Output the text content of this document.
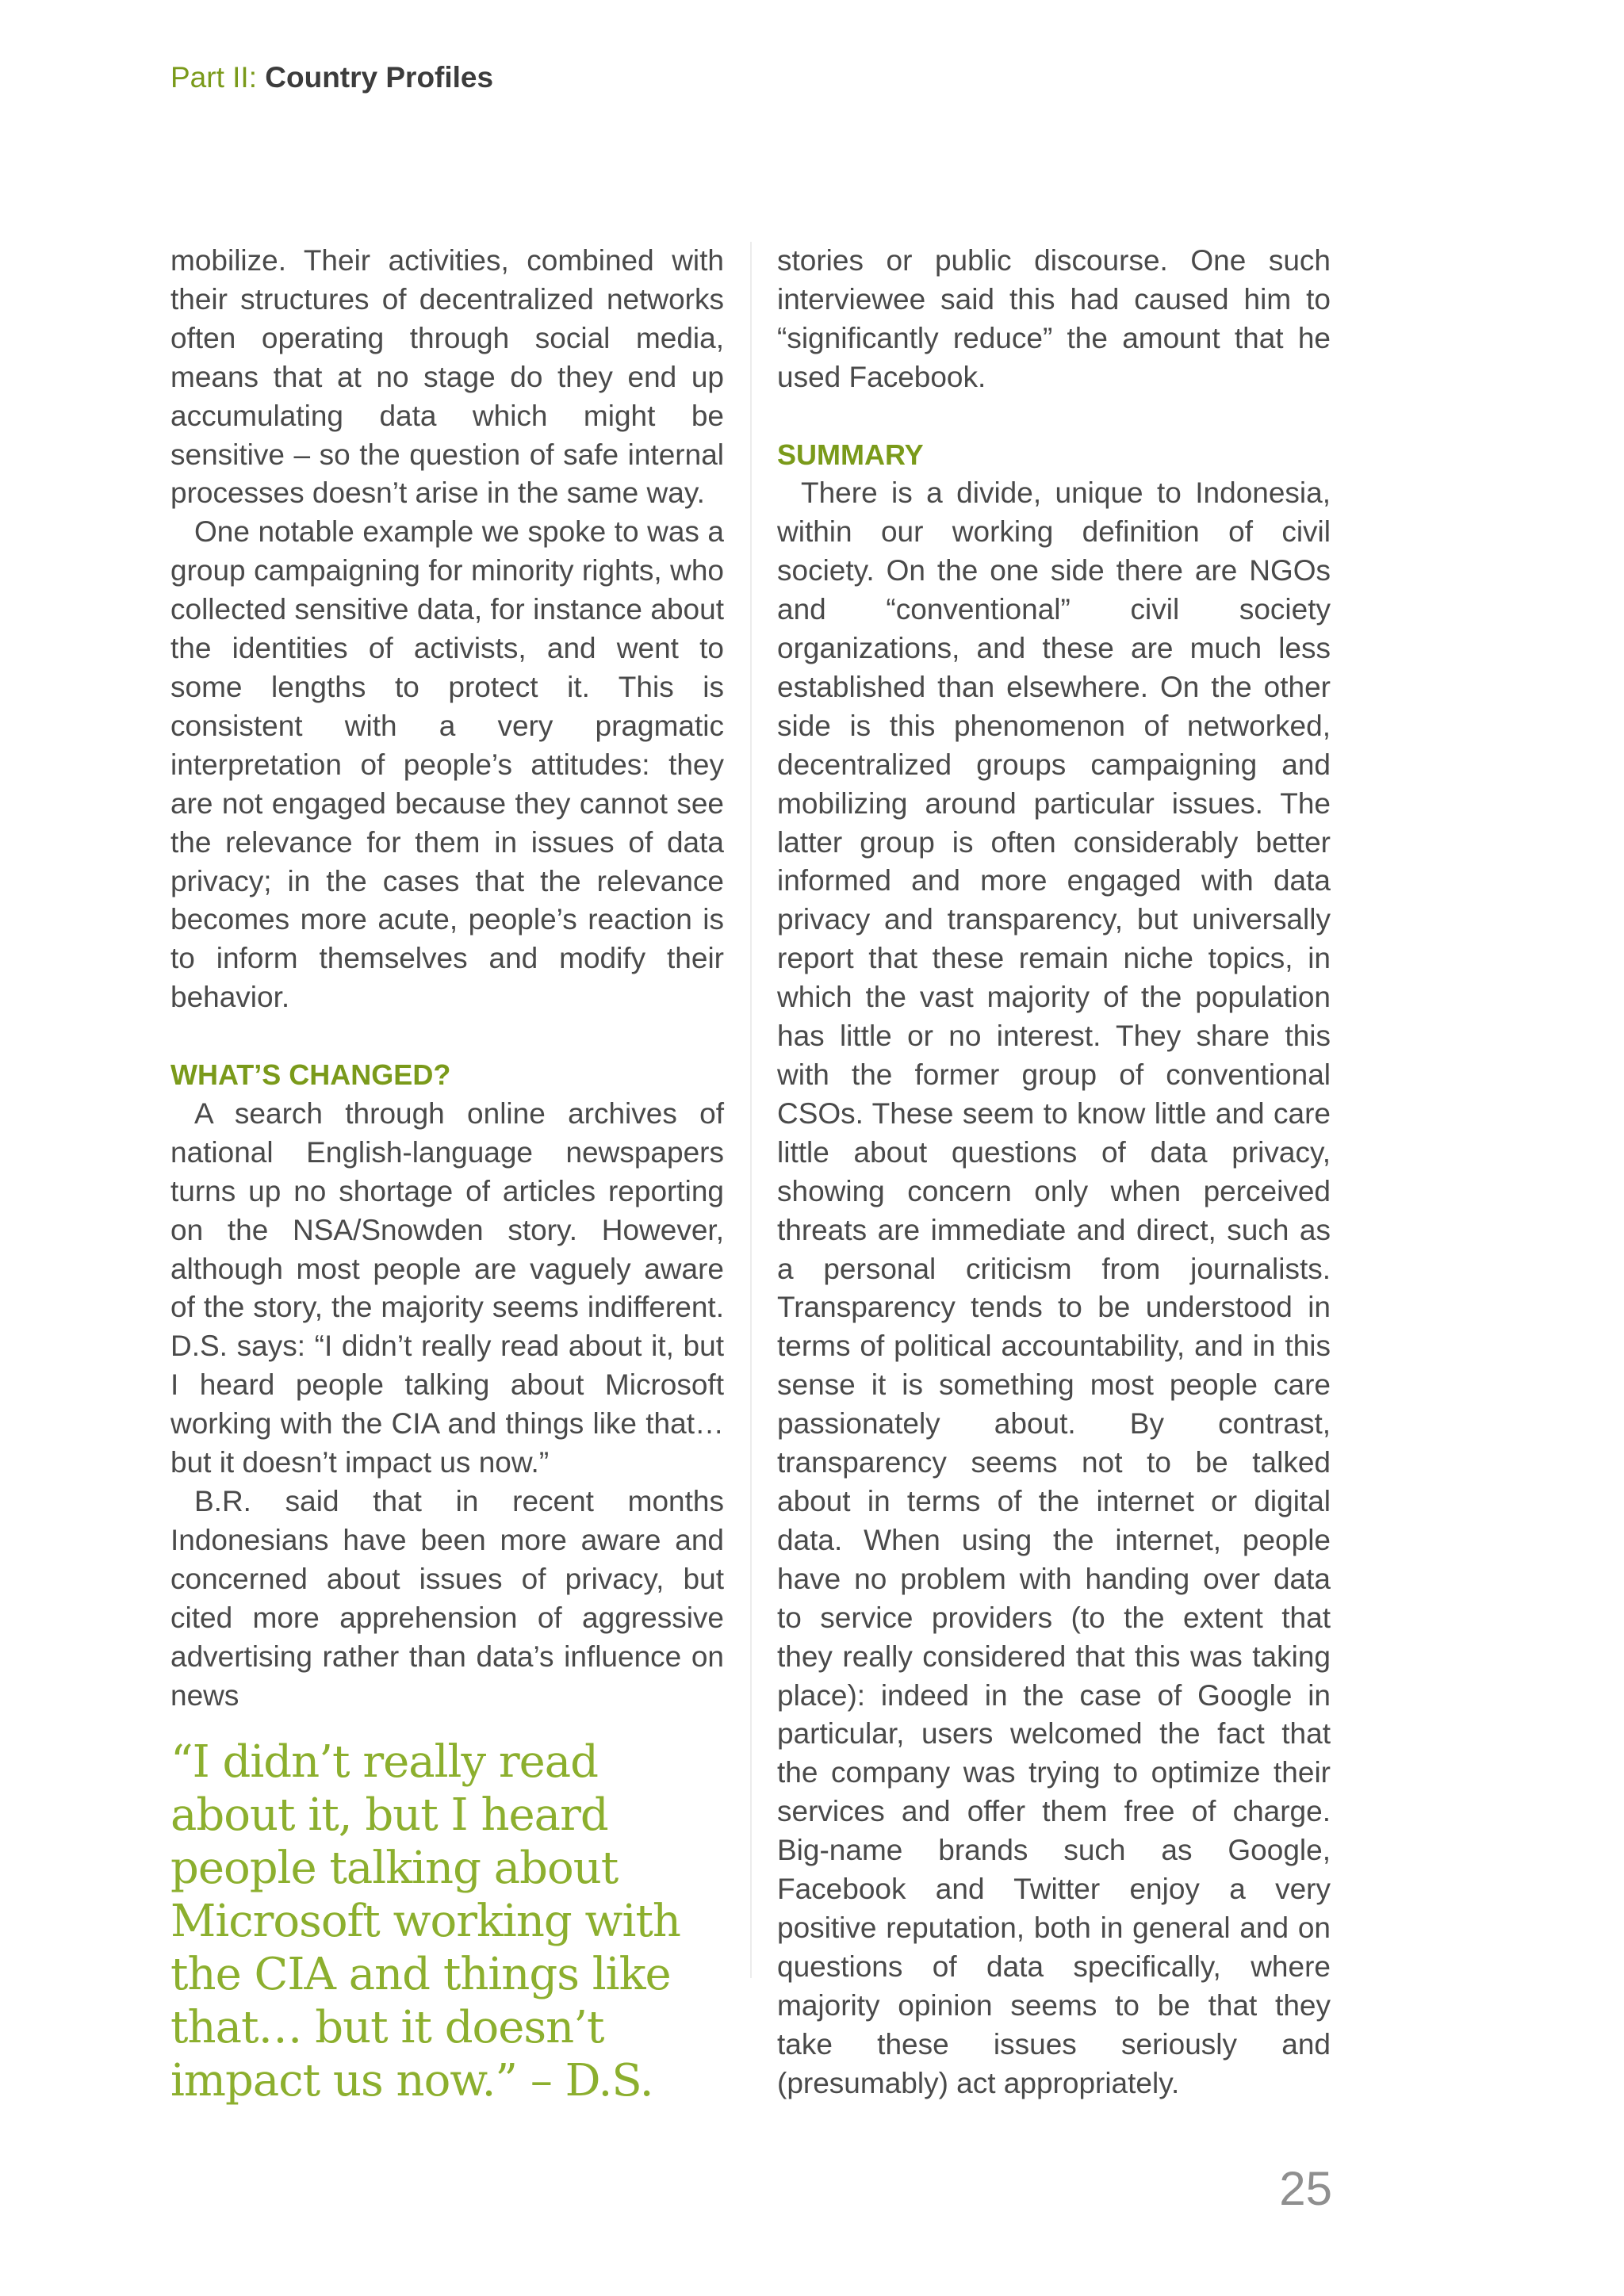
Part II: Country Profiles

mobilize. Their activities, combined with their structures of decentralized networks often operating through social media, means that at no stage do they end up accumulating data which might be sensitive – so the question of safe internal processes doesn’t arise in the same way.

One notable example we spoke to was a group campaigning for minority rights, who collected sensitive data, for instance about the identities of activists, and went to some lengths to protect it. This is consistent with a very pragmatic interpretation of people’s attitudes: they are not engaged because they cannot see the relevance for them in issues of data privacy; in the cases that the relevance becomes more acute, people’s reaction is to inform themselves and modify their behavior.

WHAT’S CHANGED?

A search through online archives of national English-language newspapers turns up no shortage of articles reporting on the NSA/Snowden story. However, although most people are vaguely aware of the story, the majority seems indifferent. D.S. says: “I didn’t really read about it, but I heard people talking about Microsoft working with the CIA and things like that…but it doesn’t impact us now.”

B.R. said that in recent months Indonesians have been more aware and concerned about issues of privacy, but cited more apprehension of aggressive advertising rather than data’s influence on news

“I didn’t really read about it, but I heard people talking about Microsoft working with the CIA and things like that… but it doesn’t impact us now.” – D.S.

stories or public discourse. One such interviewee said this had caused him to “significantly reduce” the amount that he used Facebook.

SUMMARY

There is a divide, unique to Indonesia, within our working definition of civil society. On the one side there are NGOs and “conventional” civil society organizations, and these are much less established than elsewhere. On the other side is this phenomenon of networked, decentralized groups campaigning and mobilizing around particular issues. The latter group is often considerably better informed and more engaged with data privacy and transparency, but universally report that these remain niche topics, in which the vast majority of the population has little or no interest. They share this with the former group of conventional CSOs. These seem to know little and care little about questions of data privacy, showing concern only when perceived threats are immediate and direct, such as a personal criticism from journalists. Transparency tends to be understood in terms of political accountability, and in this sense it is something most people care passionately about. By contrast, transparency seems not to be talked about in terms of the internet or digital data. When using the internet, people have no problem with handing over data to service providers (to the extent that they really considered that this was taking place): indeed in the case of Google in particular, users welcomed the fact that the company was trying to optimize their services and offer them free of charge. Big-name brands such as Google, Facebook and Twitter enjoy a very positive reputation, both in general and on questions of data specifically, where majority opinion seems to be that they take these issues seriously and (presumably) act appropriately.

25
